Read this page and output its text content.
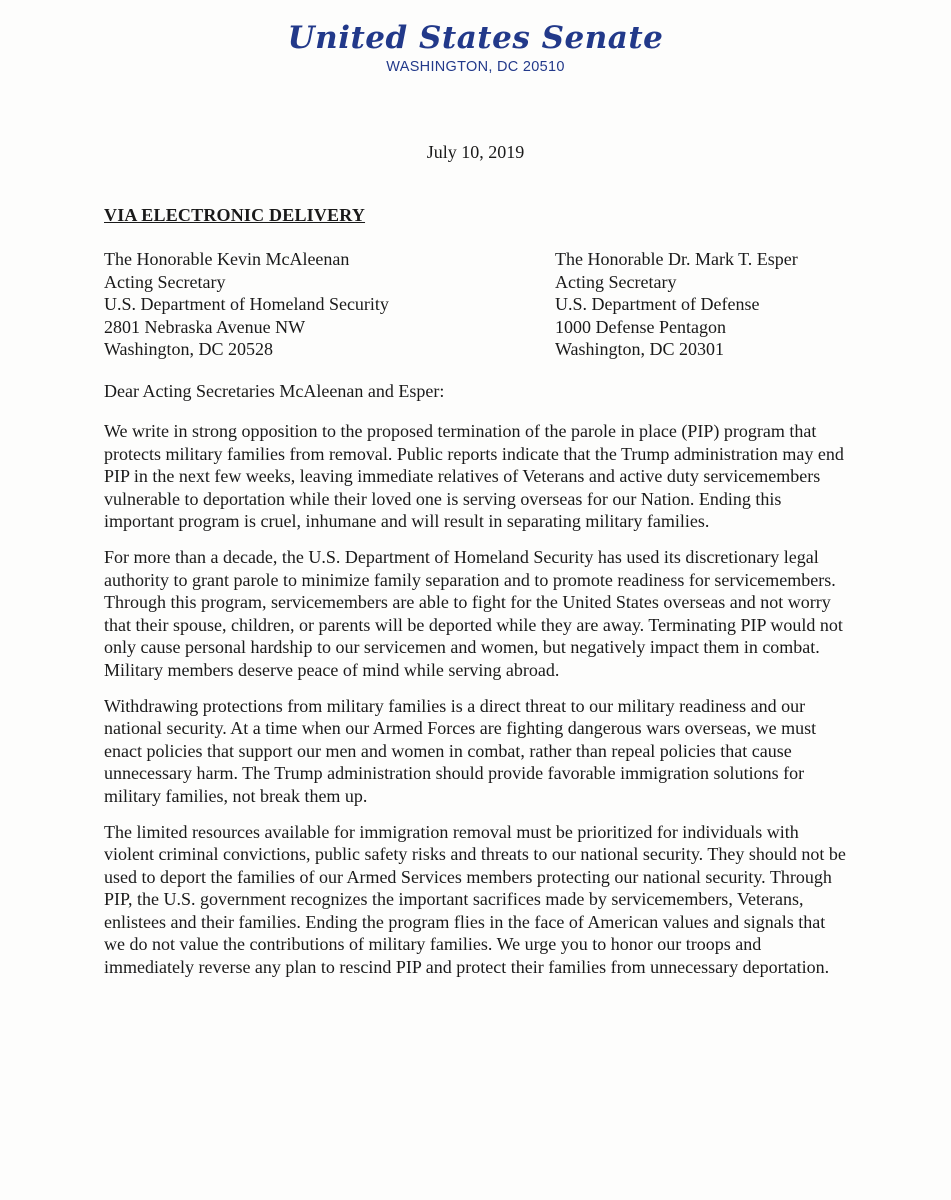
United States Senate
WASHINGTON, DC 20510
July 10, 2019
VIA ELECTRONIC DELIVERY
The Honorable Kevin McAleenan
Acting Secretary
U.S. Department of Homeland Security
2801 Nebraska Avenue NW
Washington, DC 20528
The Honorable Dr. Mark T. Esper
Acting Secretary
U.S. Department of Defense
1000 Defense Pentagon
Washington, DC 20301
Dear Acting Secretaries McAleenan and Esper:

We write in strong opposition to the proposed termination of the parole in place (PIP) program that protects military families from removal. Public reports indicate that the Trump administration may end PIP in the next few weeks, leaving immediate relatives of Veterans and active duty servicemembers vulnerable to deportation while their loved one is serving overseas for our Nation. Ending this important program is cruel, inhumane and will result in separating military families.

For more than a decade, the U.S. Department of Homeland Security has used its discretionary legal authority to grant parole to minimize family separation and to promote readiness for servicemembers. Through this program, servicemembers are able to fight for the United States overseas and not worry that their spouse, children, or parents will be deported while they are away. Terminating PIP would not only cause personal hardship to our servicemen and women, but negatively impact them in combat. Military members deserve peace of mind while serving abroad.

Withdrawing protections from military families is a direct threat to our military readiness and our national security. At a time when our Armed Forces are fighting dangerous wars overseas, we must enact policies that support our men and women in combat, rather than repeal policies that cause unnecessary harm. The Trump administration should provide favorable immigration solutions for military families, not break them up.

The limited resources available for immigration removal must be prioritized for individuals with violent criminal convictions, public safety risks and threats to our national security. They should not be used to deport the families of our Armed Services members protecting our national security. Through PIP, the U.S. government recognizes the important sacrifices made by servicemembers, Veterans, enlistees and their families. Ending the program flies in the face of American values and signals that we do not value the contributions of military families. We urge you to honor our troops and immediately reverse any plan to rescind PIP and protect their families from unnecessary deportation.
